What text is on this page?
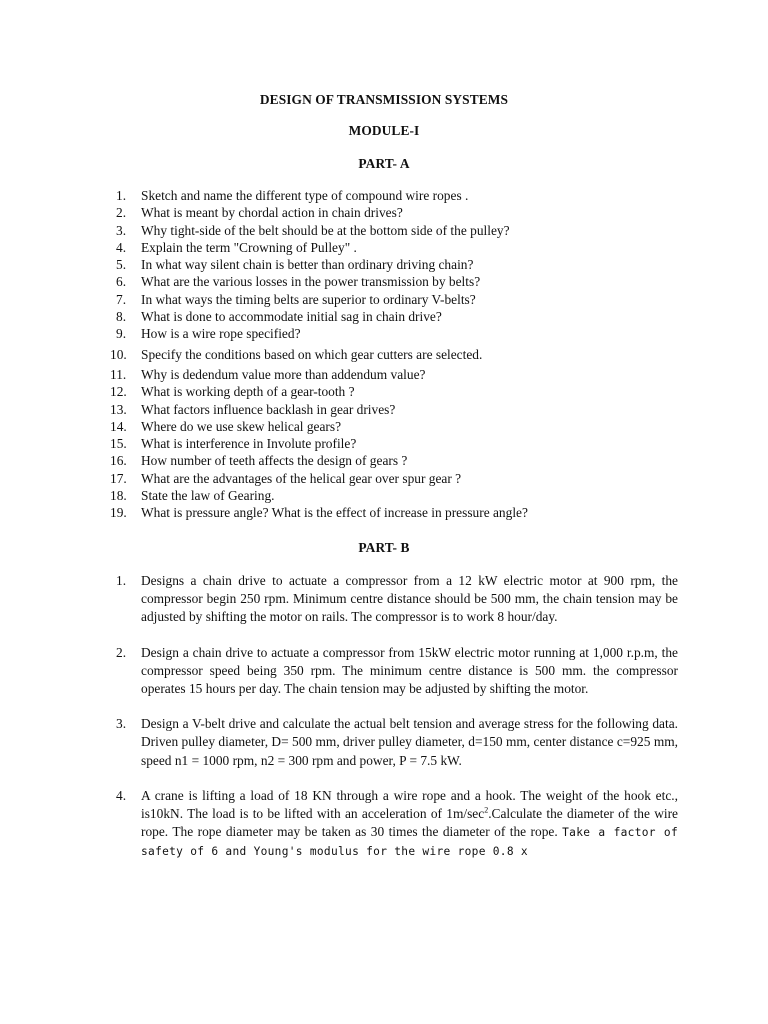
DESIGN OF TRANSMISSION SYSTEMS
MODULE-I
PART- A
1.	Sketch and name the different type of compound wire ropes .
2.	What is meant by chordal action in chain drives?
3.	Why tight-side of the belt should be at the bottom side of the pulley?
4.	Explain the term "Crowning of Pulley" .
5.	In what way silent chain is better than ordinary driving chain?
6.	What are the various losses in the power transmission by belts?
7.	In what ways the timing belts are superior to ordinary V-belts?
8.	What is done to accommodate initial sag in chain drive?
9.	How is a wire rope specified?
10.	Specify the conditions based on which gear cutters are selected.
11.	Why is dedendum value more than addendum value?
12.	What is working depth of a gear-tooth ?
13.	What factors influence backlash in gear drives?
14.	Where do we use skew helical gears?
15.	What is interference in Involute profile?
16.	How number of teeth affects the design of gears ?
17.	What are the advantages of the helical gear over spur gear ?
18.	State the law of Gearing.
19.	What is pressure angle? What is the effect of increase in pressure angle?
PART- B
1.	Designs a chain drive to actuate a compressor from a 12 kW electric motor at 900 rpm, the compressor begin 250 rpm. Minimum centre distance should be 500 mm, the chain tension may be adjusted by shifting the motor on rails. The compressor is to work 8 hour/day.
2.	Design a chain drive to actuate a compressor from 15kW electric motor running at 1,000 r.p.m, the compressor speed being 350 rpm. The minimum centre distance is 500 mm. the compressor operates 15 hours per day. The chain tension may be adjusted by shifting the motor.
3.	Design a V-belt drive and calculate the actual belt tension and average stress for the following data. Driven pulley diameter, D= 500 mm, driver pulley diameter, d=150 mm, center distance c=925 mm, speed n1 = 1000 rpm, n2 = 300 rpm and power, P = 7.5 kW.
4.	A crane is lifting a load of 18 KN through a wire rope and a hook. The weight of the hook etc., is10kN. The load is to be lifted with an acceleration of $1m/\sec^2.Calculate$ the diameter of the wire rope. The rope diameter may be taken as 30 times the diameter of the rope. Take a factor of safety of 6 and Young's modulus for the wire rope 0.8 x
